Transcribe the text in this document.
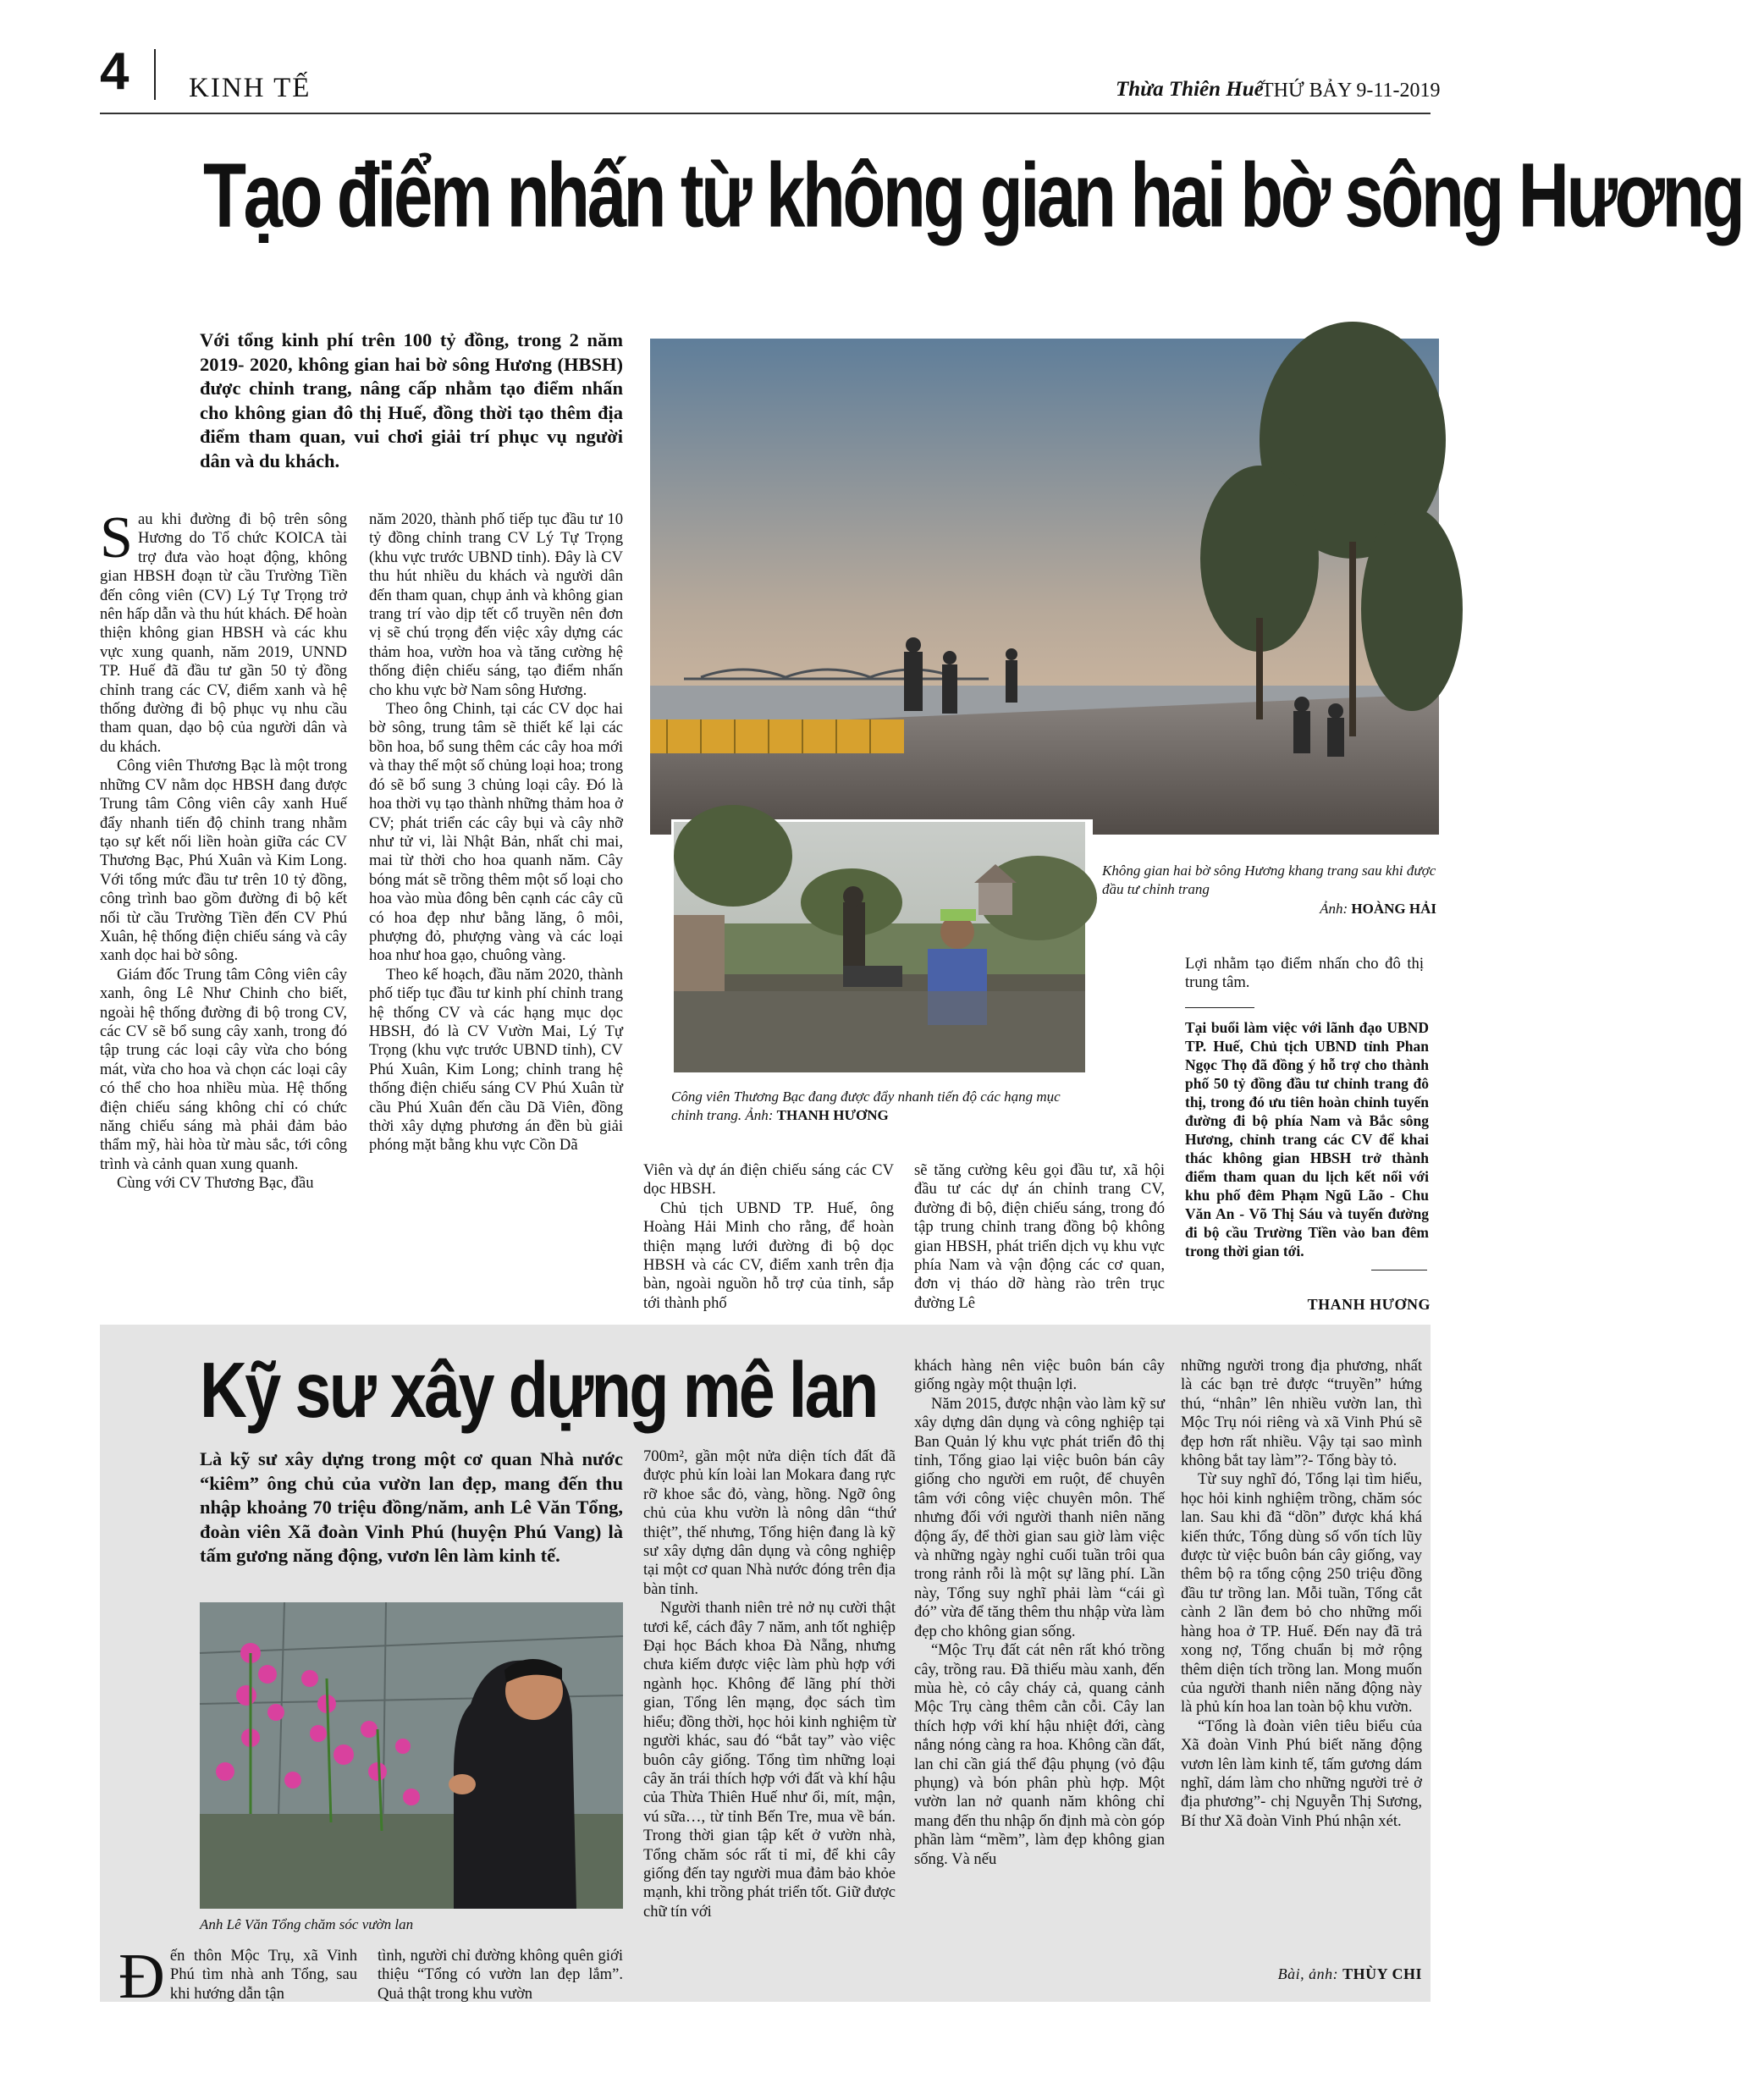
4 KINH TẾ	Thừa Thiên Huế
THỨ BẢY 9-11-2019
Tạo điểm nhấn từ không gian hai bờ sông Hương
Với tổng kinh phí trên 100 tỷ đồng, trong 2 năm 2019- 2020, không gian hai bờ sông Hương (HBSH) được chỉnh trang, nâng cấp nhằm tạo điểm nhấn cho không gian đô thị Huế, đồng thời tạo thêm địa điểm tham quan, vui chơi giải trí phục vụ người dân và du khách.
Không gian hai bờ sông Hương khang trang sau khi được đầu tư chỉnh trang
Ảnh: HOÀNG HẢI
Công viên Thương Bạc đang được đẩy nhanh tiến độ các hạng mục chỉnh trang. Ảnh: THANH HƯƠNG

Sau khi đường đi bộ trên sông Hương do Tổ chức KOICA tài trợ đưa vào hoạt động, không gian HBSH đoạn từ cầu Trường Tiền đến công viên (CV) Lý Tự Trọng trở nên hấp dẫn và thu hút khách. Để hoàn thiện không gian HBSH và các khu vực xung quanh, năm 2019, UNND TP. Huế đã đầu tư gần 50 tỷ đồng chỉnh trang các CV, điểm xanh và hệ thống đường đi bộ phục vụ nhu cầu tham quan, dạo bộ của người dân và du khách.

Công viên Thương Bạc là một trong những CV nằm dọc HBSH đang được Trung tâm Công viên cây xanh Huế đẩy nhanh tiến độ chỉnh trang nhằm tạo sự kết nối liền hoàn giữa các CV Thương Bạc, Phú Xuân và Kim Long. Với tổng mức đầu tư trên 10 tỷ đồng, công trình bao gồm đường đi bộ kết nối từ cầu Trường Tiền đến CV Phú Xuân, hệ thống điện chiếu sáng và cây xanh dọc hai bờ sông.

Giám đốc Trung tâm Công viên cây xanh, ông Lê Như Chinh cho biết, ngoài hệ thống đường đi bộ trong CV, các CV sẽ bổ sung cây xanh, trong đó tập trung các loại cây vừa cho bóng mát, vừa cho hoa và chọn các loại cây có thể cho hoa nhiều mùa. Hệ thống điện chiếu sáng không chỉ có chức năng chiếu sáng mà phải đảm bảo thẩm mỹ, hài hòa từ màu sắc, tới công trình và cảnh quan xung quanh.

Cùng với CV Thương Bạc, đầu

năm 2020, thành phố tiếp tục đầu tư 10 tỷ đồng chỉnh trang CV Lý Tự Trọng (khu vực trước UBND tỉnh). Đây là CV thu hút nhiều du khách và người dân đến tham quan, chụp ảnh và không gian trang trí vào dịp tết cổ truyền nên đơn vị sẽ chú trọng đến việc xây dựng các thảm hoa, vườn hoa và tăng cường hệ thống điện chiếu sáng, tạo điểm nhấn cho khu vực bờ Nam sông Hương.

Theo ông Chinh, tại các CV dọc hai bờ sông, trung tâm sẽ thiết kế lại các bồn hoa, bổ sung thêm các cây hoa mới và thay thế một số chủng loại hoa; trong đó sẽ bổ sung 3 chủng loại cây. Đó là hoa thời vụ tạo thành những thảm hoa ở CV; phát triển các cây bụi và cây nhỡ như tử vi, lài Nhật Bản, nhất chi mai, mai từ thời cho hoa quanh năm. Cây bóng mát sẽ trồng thêm một số loại cho hoa vào mùa đông bên cạnh các cây cũ có hoa đẹp như bằng lăng, ô môi, phượng đỏ, phượng vàng và các loại hoa như hoa gạo, chuông vàng.

Theo kế hoạch, đầu năm 2020, thành phố tiếp tục đầu tư kinh phí chỉnh trang hệ thống CV và các hạng mục dọc HBSH, đó là CV Vườn Mai, Lý Tự Trọng (khu vực trước UBND tỉnh), CV Phú Xuân, Kim Long; chỉnh trang hệ thống điện chiếu sáng CV Phú Xuân từ cầu Phú Xuân đến cầu Dã Viên, đồng thời xây dựng phương án đền bù giải phóng mặt bằng khu vực Cồn Dã

Viên và dự án điện chiếu sáng các CV dọc HBSH.

Chủ tịch UBND TP. Huế, ông Hoàng Hải Minh cho rằng, để hoàn thiện mạng lưới đường đi bộ dọc HBSH và các CV, điểm xanh trên địa bàn, ngoài nguồn hỗ trợ của tỉnh, sắp tới thành phố

sẽ tăng cường kêu gọi đầu tư, xã hội đầu tư các dự án chỉnh trang CV, đường đi bộ, điện chiếu sáng, trong đó tập trung chỉnh trang đồng bộ không gian HBSH, phát triển dịch vụ khu vực phía Nam và vận động các cơ quan, đơn vị tháo dỡ hàng rào trên trục đường Lê

Lợi nhằm tạo điểm nhấn cho đô thị trung tâm.

Tại buổi làm việc với lãnh đạo UBND TP. Huế, Chủ tịch UBND tỉnh Phan Ngọc Thọ đã đồng ý hỗ trợ cho thành phố 50 tỷ đồng đầu tư chỉnh trang đô thị, trong đó ưu tiên hoàn chỉnh tuyến đường đi bộ phía Nam và Bắc sông Hương, chỉnh trang các CV để khai thác không gian HBSH trở thành điểm tham quan du lịch kết nối với khu phố đêm Phạm Ngũ Lão - Chu Văn An - Võ Thị Sáu và tuyến đường đi bộ cầu Trường Tiền vào ban đêm trong thời gian tới.
THANH HƯƠNG
Kỹ sư xây dựng mê lan
Là kỹ sư xây dựng trong một cơ quan Nhà nước “kiêm” ông chủ của vườn lan đẹp, mang đến thu nhập khoảng 70 triệu đồng/năm, anh Lê Văn Tổng, đoàn viên Xã đoàn Vinh Phú (huyện Phú Vang) là tấm gương năng động, vươn lên làm kinh tế.
Anh Lê Văn Tổng chăm sóc vườn lan

Đến thôn Mộc Trụ, xã Vinh Phú tìm nhà anh Tổng, sau khi hướng dẫn tận

tình, người chỉ đường không quên giới thiệu “Tổng có vườn lan đẹp lắm”. Quả thật trong khu vườn

700m², gần một nửa diện tích đất đã được phủ kín loài lan Mokara đang rực rỡ khoe sắc đỏ, vàng, hồng. Ngỡ ông chủ của khu vườn là nông dân “thứ thiệt”, thế nhưng, Tổng hiện đang là kỹ sư xây dựng dân dụng và công nghiệp tại một cơ quan Nhà nước đóng trên địa bàn tỉnh.

Người thanh niên trẻ nở nụ cười thật tươi kể, cách đây 7 năm, anh tốt nghiệp Đại học Bách khoa Đà Nẵng, nhưng chưa kiếm được việc làm phù hợp với ngành học. Không để lãng phí thời gian, Tổng lên mạng, đọc sách tìm hiểu; đồng thời, học hỏi kinh nghiệm từ người khác, sau đó “bắt tay” vào việc buôn cây giống. Tổng tìm những loại cây ăn trái thích hợp với đất và khí hậu của Thừa Thiên Huế như ổi, mít, mận, vú sữa…, từ tỉnh Bến Tre, mua về bán. Trong thời gian tập kết ở vườn nhà, Tổng chăm sóc rất tỉ mỉ, để khi cây giống đến tay người mua đảm bảo khỏe mạnh, khi trồng phát triển tốt. Giữ được chữ tín với

khách hàng nên việc buôn bán cây giống ngày một thuận lợi.

Năm 2015, được nhận vào làm kỹ sư xây dựng dân dụng và công nghiệp tại Ban Quản lý khu vực phát triển đô thị tỉnh, Tổng giao lại việc buôn bán cây giống cho người em ruột, để chuyên tâm với công việc chuyên môn. Thế nhưng đối với người thanh niên năng động ấy, để thời gian sau giờ làm việc và những ngày nghỉ cuối tuần trôi qua trong rảnh rỗi là một sự lãng phí. Lần này, Tổng suy nghĩ phải làm “cái gì đó” vừa để tăng thêm thu nhập vừa làm đẹp cho không gian sống.

“Mộc Trụ đất cát nên rất khó trồng cây, trồng rau. Đã thiếu màu xanh, đến mùa hè, cỏ cây cháy cả, quang cảnh Mộc Trụ càng thêm cằn cỗi. Cây lan thích hợp với khí hậu nhiệt đới, càng nắng nóng càng ra hoa. Không cần đất, lan chỉ cần giá thể đậu phụng (vỏ đậu phụng) và bón phân phù hợp. Một vườn lan nở quanh năm không chỉ mang đến thu nhập ổn định mà còn góp phần làm “mềm”, làm đẹp không gian sống. Và nếu

những người trong địa phương, nhất là các bạn trẻ được “truyền” hứng thú, “nhân” lên nhiều vườn lan, thì Mộc Trụ nói riêng và xã Vinh Phú sẽ đẹp hơn rất nhiều. Vậy tại sao mình không bắt tay làm”?- Tổng bày tỏ.

Từ suy nghĩ đó, Tổng lại tìm hiểu, học hỏi kinh nghiệm trồng, chăm sóc lan. Sau khi đã “dồn” được khá khá kiến thức, Tổng dùng số vốn tích lũy được từ việc buôn bán cây giống, vay thêm bộ ra tổng cộng 250 triệu đồng đầu tư trồng lan. Mỗi tuần, Tổng cắt cành 2 lần đem bỏ cho những mối hàng hoa ở TP. Huế. Đến nay đã trả xong nợ, Tổng chuẩn bị mở rộng thêm diện tích trồng lan. Mong muốn của người thanh niên năng động này là phủ kín hoa lan toàn bộ khu vườn.

“Tổng là đoàn viên tiêu biểu của Xã đoàn Vinh Phú biết năng động vươn lên làm kinh tế, tấm gương dám nghĩ, dám làm cho những người trẻ ở địa phương”- chị Nguyễn Thị Sương, Bí thư Xã đoàn Vinh Phú nhận xét.

Bài, ảnh: THÙY CHI
